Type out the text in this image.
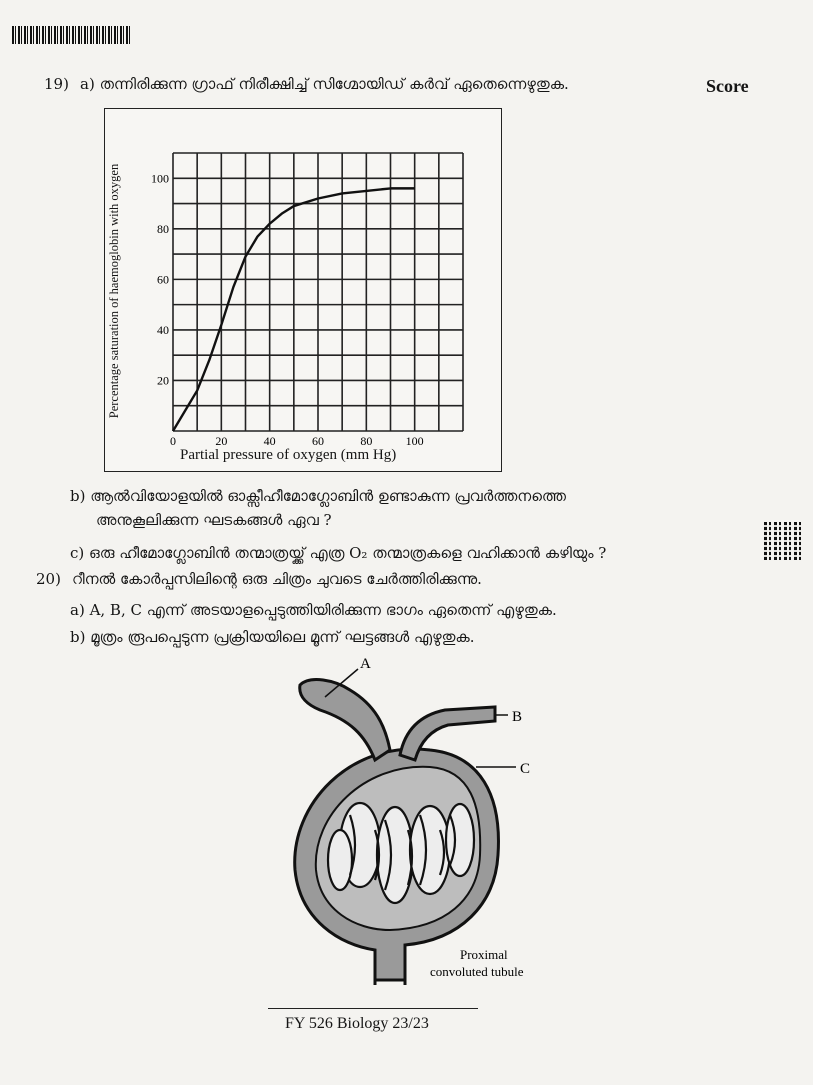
19) a) തന്നിരിക്കുന്ന ഗ്രാഫ് നിരീക്ഷിച്ച് സിഗ്മോയിഡ് കർവ് ഏതെന്നെഴുതുക.	Score
20
40
60
80
100
0	20	40	60	80	100
Percentage saturation of haemoglobin with oxygen
Partial pressure of oxygen (mm Hg)
b) ആൽവിയോളയിൽ ഓക്സീഹീമോഗ്ലോബിൻ ഉണ്ടാകുന്ന പ്രവർത്തനത്തെ
അനുകൂലിക്കുന്ന ഘടകങ്ങൾ ഏവ ?
c) ഒരു ഹീമോഗ്ലോബിൻ തന്മാത്രയ്ക്ക് എത്ര O₂ തന്മാത്രകളെ വഹിക്കാൻ കഴിയും ?
20) റീനൽ കോർപ്പസിലിന്റെ ഒരു ചിത്രം ചുവടെ ചേർത്തിരിക്കുന്നു.
a) A, B, C എന്ന് അടയാളപ്പെടുത്തിയിരിക്കുന്ന ഭാഗം ഏതെന്ന് എഴുതുക.
b) മൂത്രം രൂപപ്പെടുന്ന പ്രക്രിയയിലെ മൂന്ന് ഘട്ടങ്ങൾ എഴുതുക.
A
B
C
Proximal
convoluted tubule
FY 526 Biology 23/23
